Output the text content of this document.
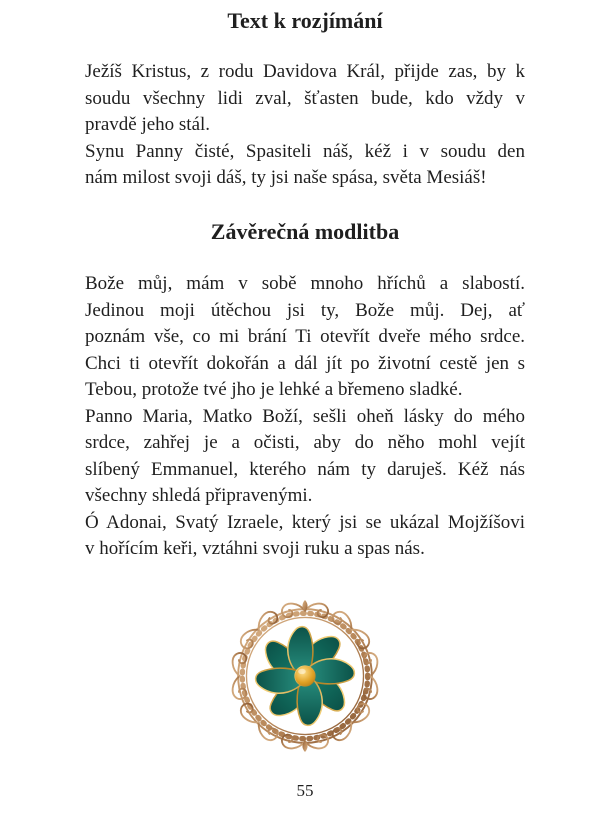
Text k rozjímání
Ježíš Kristus, z rodu Davidova Král, přijde zas, by k
soudu všechny lidi zval, šťasten bude, kdo vždy v
pravdě jeho stál.
Synu Panny čisté, Spasiteli náš, kéž i v soudu den
nám milost svoji dáš, ty jsi naše spása, světa Mesiáš!
Závěrečná modlitba
Bože můj, mám v sobě mnoho hříchů a slabostí.
Jedinou moji útěchou jsi ty, Bože můj. Dej, ať
poznám vše, co mi brání Ti otevřít dveře mého srdce.
Chci ti otevřít dokořán a dál jít po životní cestě jen s
Tebou, protože tvé jho je lehké a břemeno sladké.
Panno Maria, Matko Boží, sešli oheň lásky do mého
srdce, zahřej je a očisti, aby do něho mohl vejít
slíbený Emmanuel, kterého nám ty daruješ. Kéž nás
všechny shledá připravenými.
Ó Adonai, Svatý Izraele, který jsi se ukázal Mojžíšovi
v hořícím keři, vztáhni svoji ruku a spas nás.
55
